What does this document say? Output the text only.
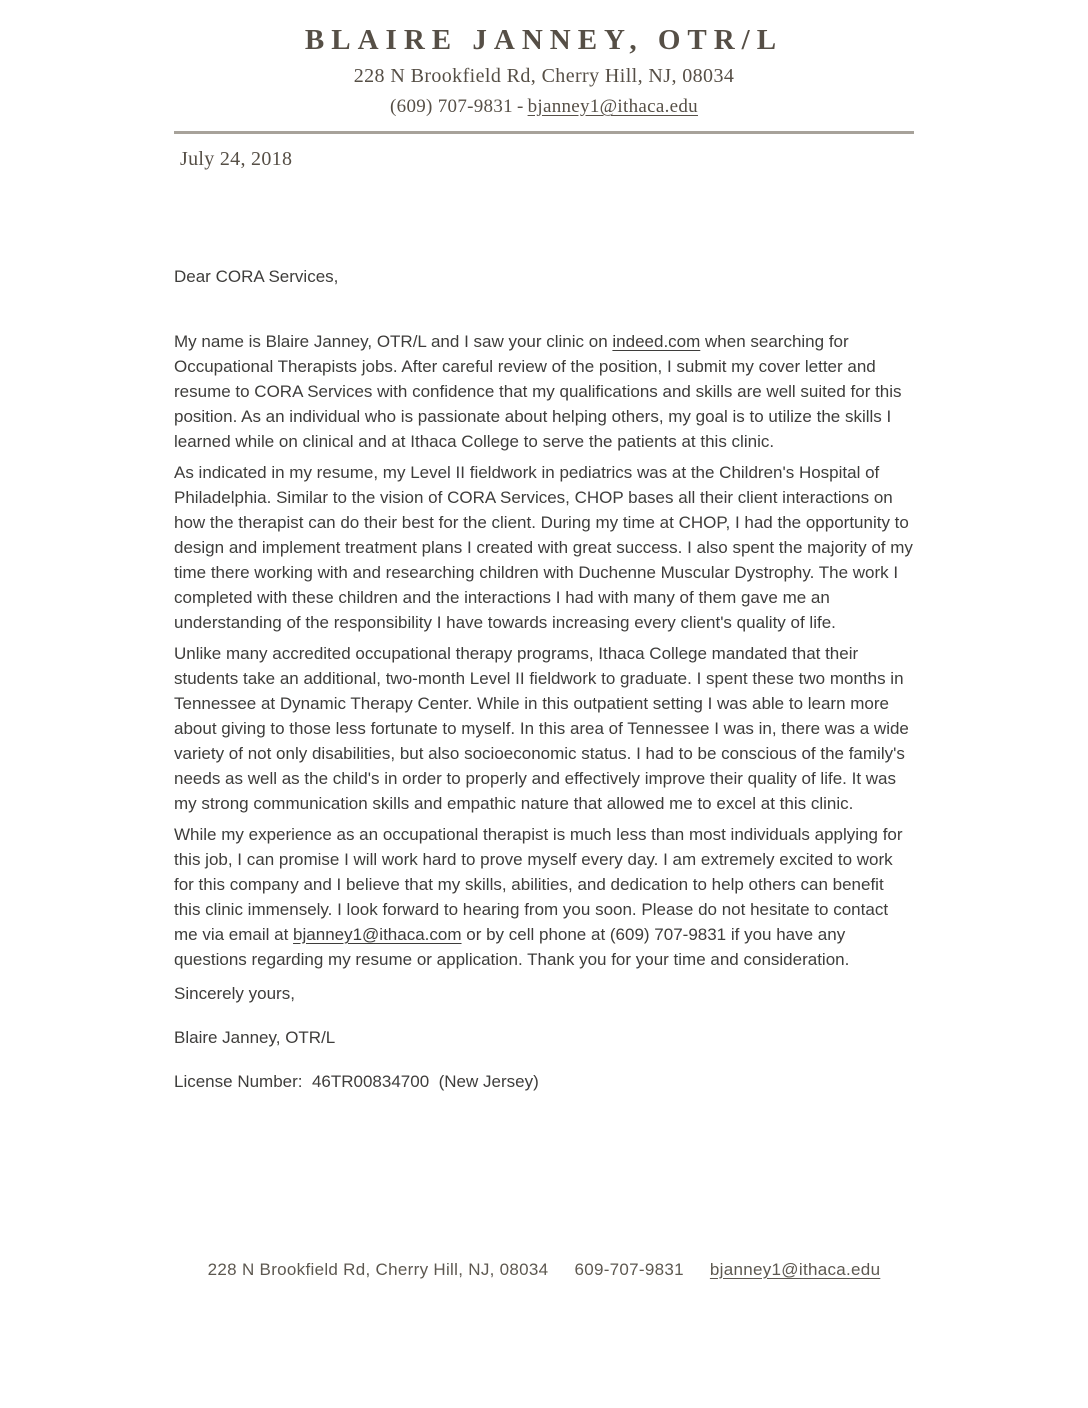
BLAIRE JANNEY, OTR/L
228 N Brookfield Rd, Cherry Hill, NJ, 08034
(609) 707-9831 - bjanney1@ithaca.edu
July 24, 2018

Dear CORA Services,

My name is Blaire Janney, OTR/L and I saw your clinic on indeed.com when searching for Occupational Therapists jobs. After careful review of the position, I submit my cover letter and resume to CORA Services with confidence that my qualifications and skills are well suited for this position. As an individual who is passionate about helping others, my goal is to utilize the skills I learned while on clinical and at Ithaca College to serve the patients at this clinic.

As indicated in my resume, my Level II fieldwork in pediatrics was at the Children's Hospital of Philadelphia. Similar to the vision of CORA Services, CHOP bases all their client interactions on how the therapist can do their best for the client. During my time at CHOP, I had the opportunity to design and implement treatment plans I created with great success. I also spent the majority of my time there working with and researching children with Duchenne Muscular Dystrophy. The work I completed with these children and the interactions I had with many of them gave me an understanding of the responsibility I have towards increasing every client's quality of life.

Unlike many accredited occupational therapy programs, Ithaca College mandated that their students take an additional, two-month Level II fieldwork to graduate. I spent these two months in Tennessee at Dynamic Therapy Center. While in this outpatient setting I was able to learn more about giving to those less fortunate to myself. In this area of Tennessee I was in, there was a wide variety of not only disabilities, but also socioeconomic status. I had to be conscious of the family's needs as well as the child's in order to properly and effectively improve their quality of life. It was my strong communication skills and empathic nature that allowed me to excel at this clinic.

While my experience as an occupational therapist is much less than most individuals applying for this job, I can promise I will work hard to prove myself every day. I am extremely excited to work for this company and I believe that my skills, abilities, and dedication to help others can benefit this clinic immensely. I look forward to hearing from you soon. Please do not hesitate to contact me via email at bjanney1@ithaca.com or by cell phone at (609) 707-9831 if you have any questions regarding my resume or application. Thank you for your time and consideration.

Sincerely yours,

Blaire Janney, OTR/L

License Number:  46TR00834700  (New Jersey)

228 N Brookfield Rd, Cherry Hill, NJ, 08034 609-707-9831 bjanney1@ithaca.edu
